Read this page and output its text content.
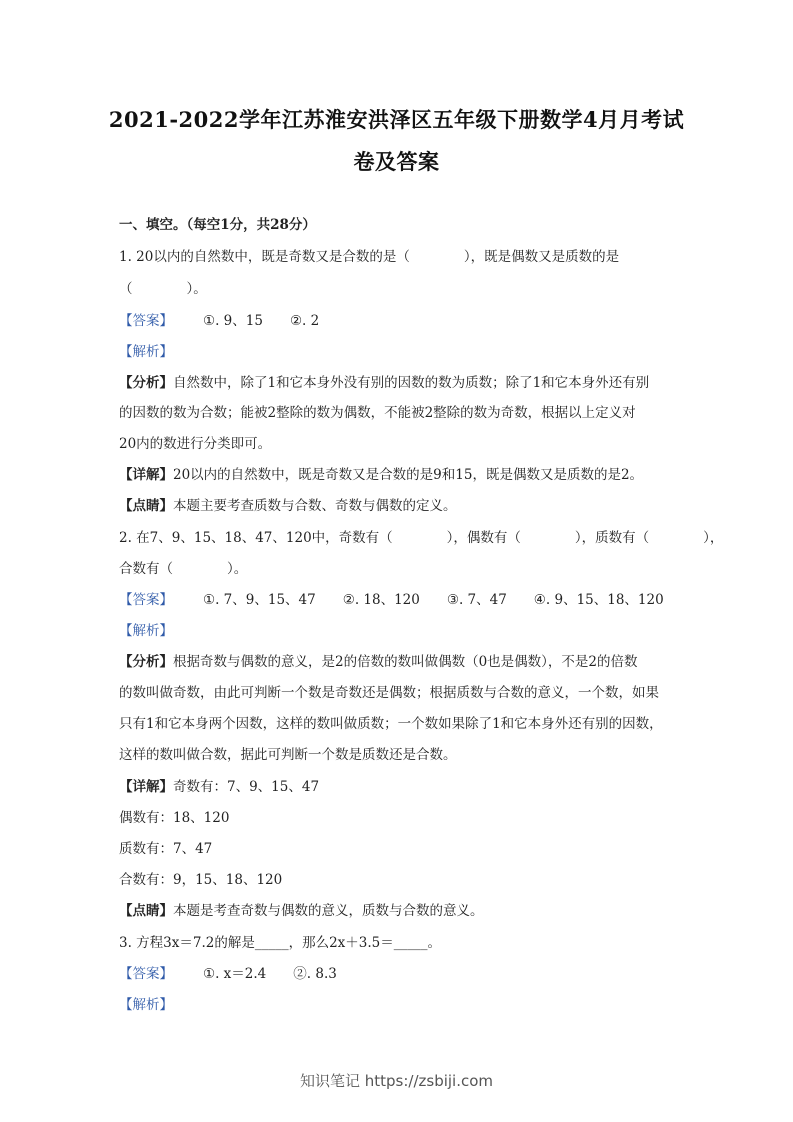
2021-2022学年江苏淮安洪泽区五年级下册数学4月月考试
卷及答案
一、填空。（每空1分，共28分）
1. 20以内的自然数中，既是奇数又是合数的是（　　　　），既是偶数又是质数的是
（　　　　）。
【答案】 ①. 9、15　　②. 2
【解析】
【分析】自然数中，除了1和它本身外没有别的因数的数为质数；除了1和它本身外还有别
的因数的数为合数；能被2整除的数为偶数，不能被2整除的数为奇数，根据以上定义对
20内的数进行分类即可。
【详解】20以内的自然数中，既是奇数又是合数的是9和15，既是偶数又是质数的是2。
【点睛】本题主要考查质数与合数、奇数与偶数的定义。
2. 在7、9、15、18、47、120中，奇数有（　　　　），偶数有（　　　　），质数有（　　　　），
合数有（　　　　）。
【答案】 ①. 7、9、15、47　　②. 18、120　　③. 7、47　　④. 9、15、18、120
【解析】
【分析】根据奇数与偶数的意义，是2的倍数的数叫做偶数（0也是偶数），不是2的倍数
的数叫做奇数，由此可判断一个数是奇数还是偶数；根据质数与合数的意义，一个数，如果
只有1和它本身两个因数，这样的数叫做质数；一个数如果除了1和它本身外还有别的因数，
这样的数叫做合数，据此可判断一个数是质数还是合数。
【详解】奇数有：7、9、15、47
偶数有：18、120
质数有：7、47
合数有：9，15、18、120
【点睛】本题是考查奇数与偶数的意义，质数与合数的意义。
3. 方程3x＝7.2的解是_____，那么2x＋3.5＝_____。
【答案】 ①. x＝2.4　　②. 8.3
【解析】
知识笔记 https://zsbiji.com
